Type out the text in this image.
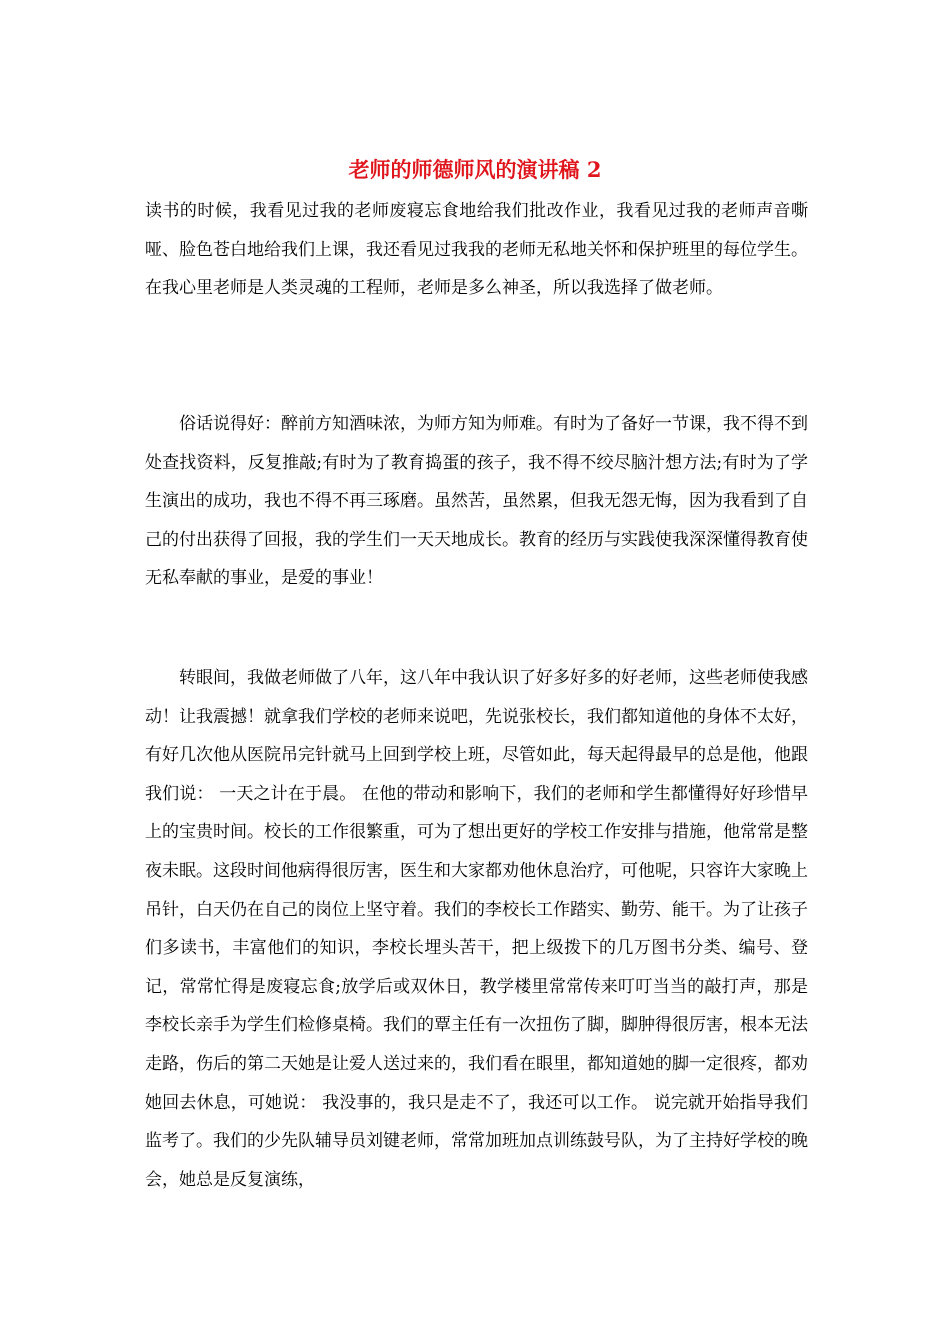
老师的师德师风的演讲稿 2

读书的时候，我看见过我的老师废寝忘食地给我们批改作业，我看见过我的老师声音嘶哑、脸色苍白地给我们上课，我还看见过我我的老师无私地关怀和保护班里的每位学生。在我心里老师是人类灵魂的工程师，老师是多么神圣，所以我选择了做老师。

俗话说得好：醉前方知酒味浓，为师方知为师难。有时为了备好一节课，我不得不到处查找资料，反复推敲;有时为了教育捣蛋的孩子，我不得不绞尽脑汁想方法;有时为了学生演出的成功，我也不得不再三琢磨。虽然苦，虽然累，但我无怨无悔，因为我看到了自己的付出获得了回报，我的学生们一天天地成长。教育的经历与实践使我深深懂得教育使无私奉献的事业，是爱的事业！

转眼间，我做老师做了八年，这八年中我认识了好多好多的好老师，这些老师使我感动！让我震撼！就拿我们学校的老师来说吧，先说张校长，我们都知道他的身体不太好，有好几次他从医院吊完针就马上回到学校上班，尽管如此，每天起得最早的总是他，他跟我们说： 一天之计在于晨。 在他的带动和影响下，我们的老师和学生都懂得好好珍惜早上的宝贵时间。校长的工作很繁重，可为了想出更好的学校工作安排与措施，他常常是整夜未眠。这段时间他病得很厉害，医生和大家都劝他休息治疗，可他呢，只容许大家晚上吊针，白天仍在自己的岗位上坚守着。我们的李校长工作踏实、勤劳、能干。为了让孩子们多读书，丰富他们的知识，李校长埋头苦干，把上级拨下的几万图书分类、编号、登记，常常忙得是废寝忘食;放学后或双休日，教学楼里常常传来叮叮当当的敲打声，那是李校长亲手为学生们检修桌椅。我们的覃主任有一次扭伤了脚，脚肿得很厉害，根本无法走路，伤后的第二天她是让爱人送过来的，我们看在眼里，都知道她的脚一定很疼，都劝她回去休息，可她说： 我没事的，我只是走不了，我还可以工作。 说完就开始指导我们监考了。我们的少先队辅导员刘键老师，常常加班加点训练鼓号队，为了主持好学校的晚会，她总是反复演练，
